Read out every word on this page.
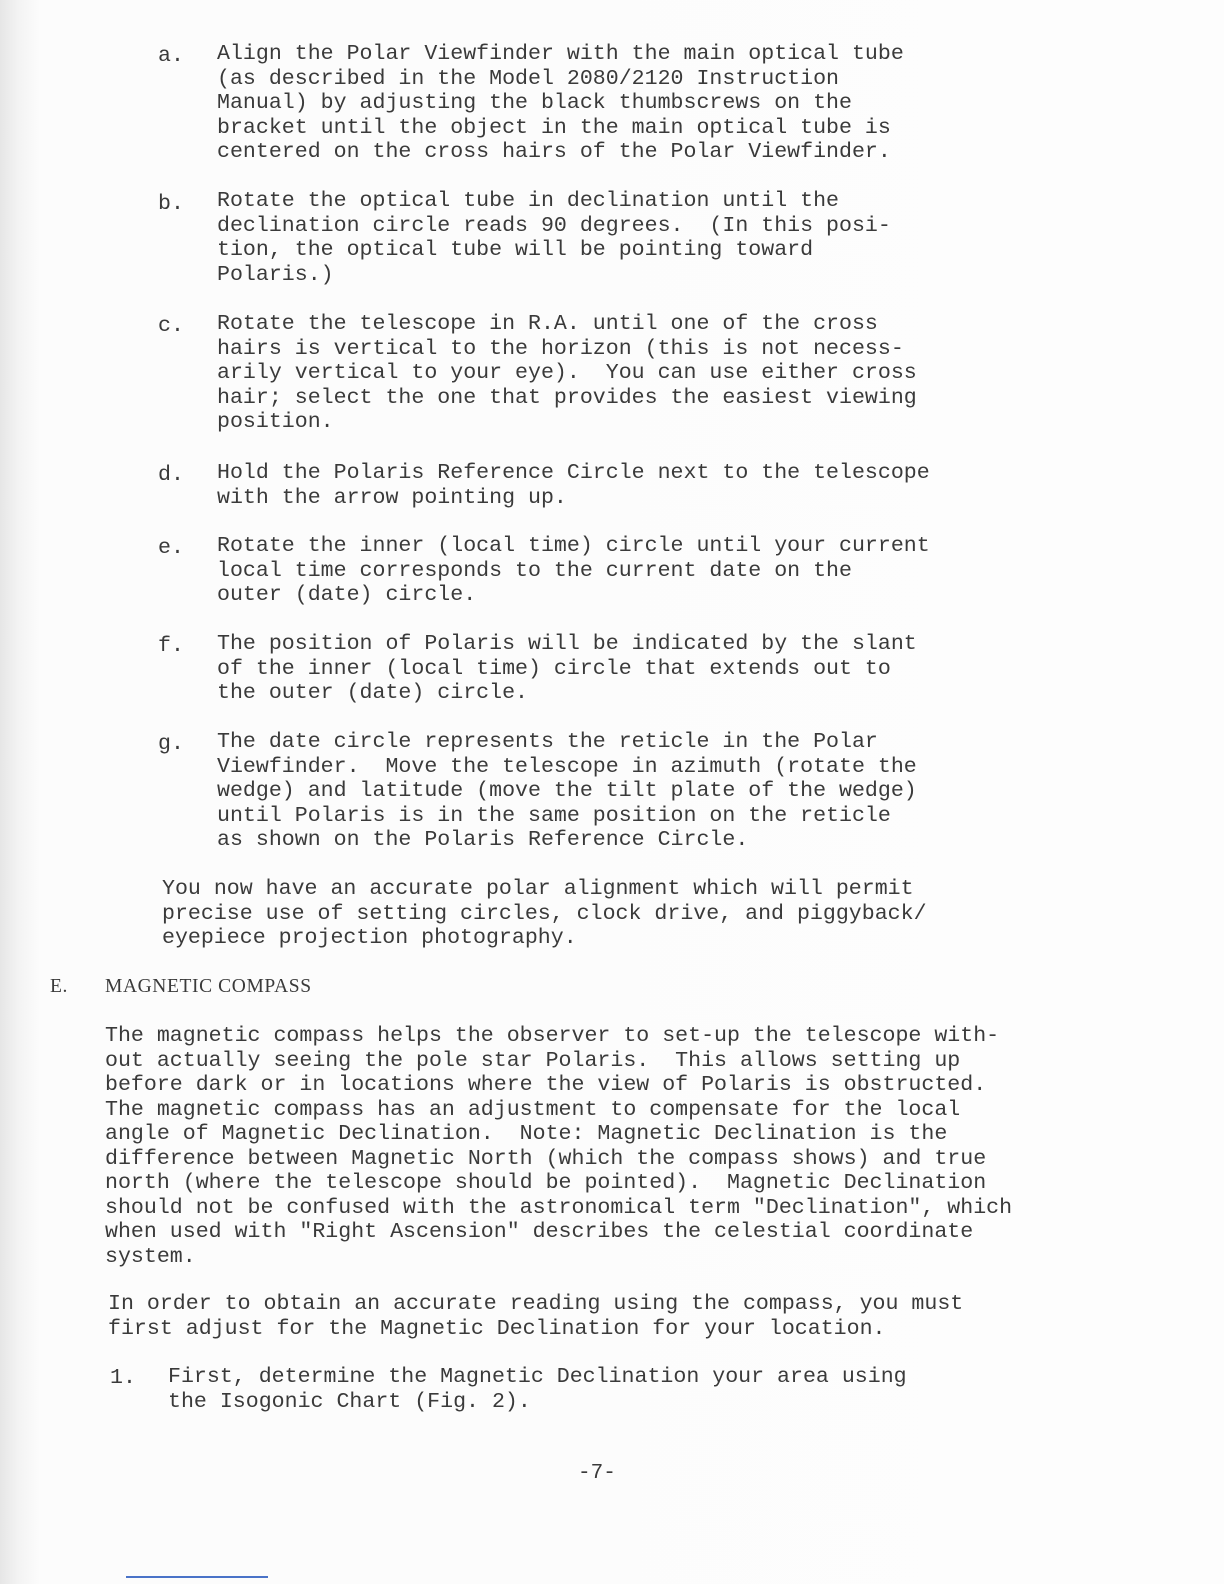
a. Align the Polar Viewfinder with the main optical tube
(as described in the Model 2080/2120 Instruction
Manual) by adjusting the black thumbscrews on the
bracket until the object in the main optical tube is
centered on the cross hairs of the Polar Viewfinder.
b. Rotate the optical tube in declination until the
declination circle reads 90 degrees.  (In this posi-
tion, the optical tube will be pointing toward
Polaris.)
c. Rotate the telescope in R.A. until one of the cross
hairs is vertical to the horizon (this is not necess-
arily vertical to your eye).  You can use either cross
hair; select the one that provides the easiest viewing
position.
d. Hold the Polaris Reference Circle next to the telescope
with the arrow pointing up.
e. Rotate the inner (local time) circle until your current
local time corresponds to the current date on the
outer (date) circle.
f. The position of Polaris will be indicated by the slant
of the inner (local time) circle that extends out to
the outer (date) circle.
g. The date circle represents the reticle in the Polar
Viewfinder.  Move the telescope in azimuth (rotate the
wedge) and latitude (move the tilt plate of the wedge)
until Polaris is in the same position on the reticle
as shown on the Polaris Reference Circle.
You now have an accurate polar alignment which will permit
precise use of setting circles, clock drive, and piggyback/
eyepiece projection photography.
E. MAGNETIC COMPASS
The magnetic compass helps the observer to set-up the telescope with-
out actually seeing the pole star Polaris.  This allows setting up
before dark or in locations where the view of Polaris is obstructed.
The magnetic compass has an adjustment to compensate for the local
angle of Magnetic Declination.  Note: Magnetic Declination is the
difference between Magnetic North (which the compass shows) and true
north (where the telescope should be pointed).  Magnetic Declination
should not be confused with the astronomical term "Declination", which
when used with "Right Ascension" describes the celestial coordinate
system.
In order to obtain an accurate reading using the compass, you must
first adjust for the Magnetic Declination for your location.
1. First, determine the Magnetic Declination your area using
the Isogonic Chart (Fig. 2).
-7-
